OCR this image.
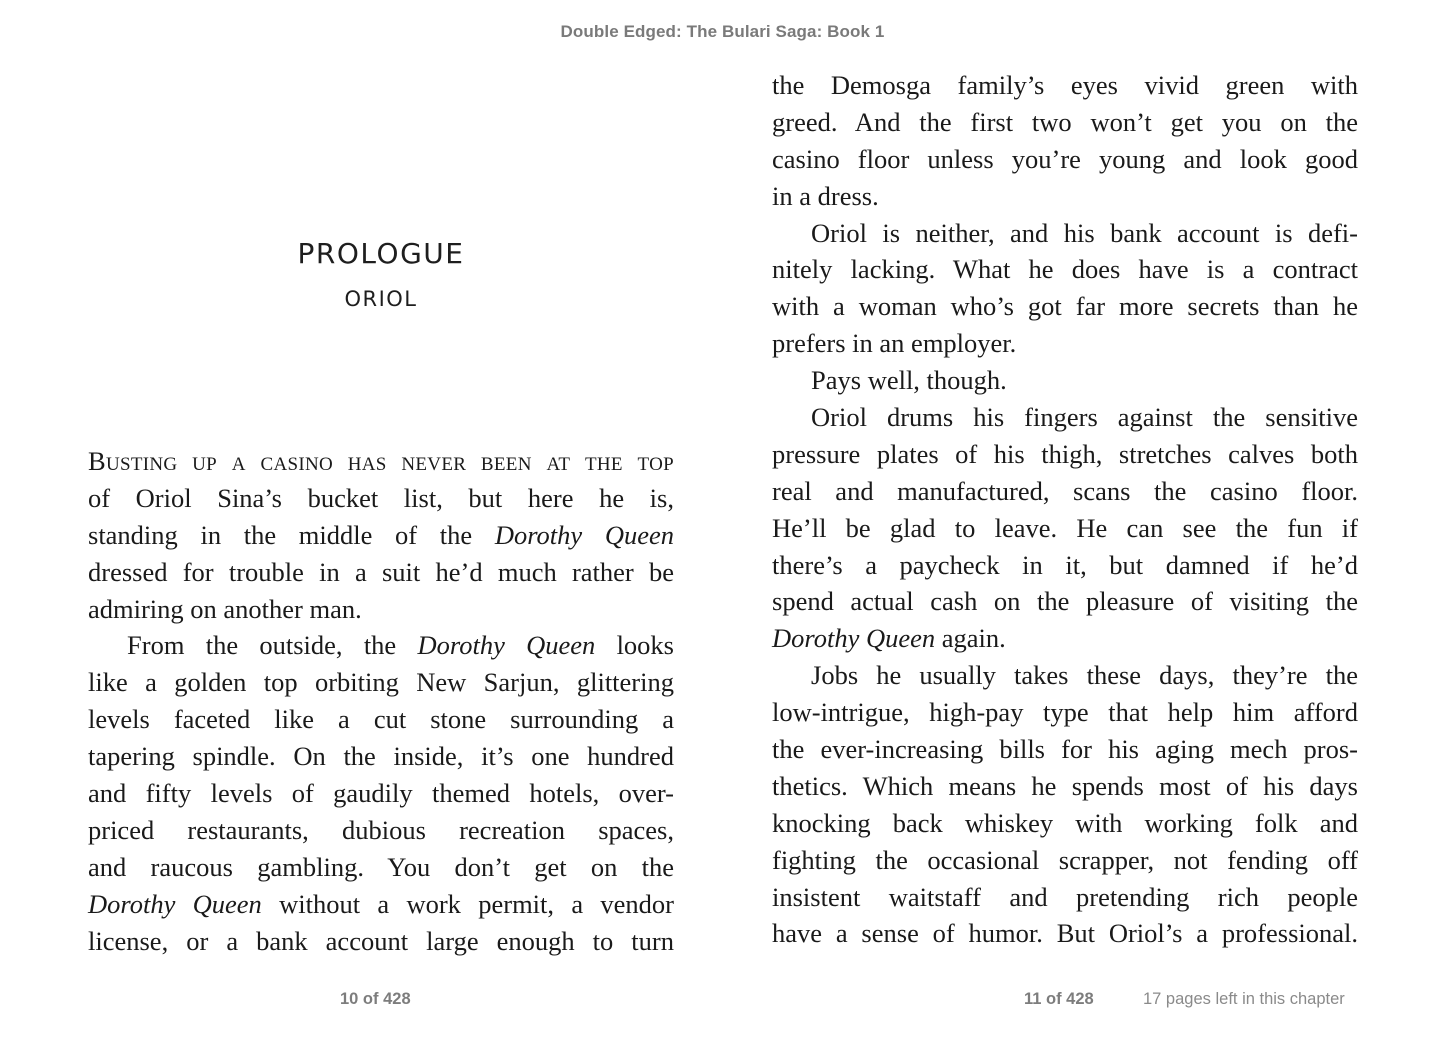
Double Edged: The Bulari Saga: Book 1
PROLOGUE
ORIOL
Busting up a casino has never been at the top
of Oriol Sina’s bucket list, but here he is,
standing in the middle of the Dorothy Queen
dressed for trouble in a suit he’d much rather be
admiring on another man.
From the outside, the Dorothy Queen looks
like a golden top orbiting New Sarjun, glittering
levels faceted like a cut stone surrounding a
tapering spindle. On the inside, it’s one hundred
and fifty levels of gaudily themed hotels, over-
priced restaurants, dubious recreation spaces,
and raucous gambling. You don’t get on the
Dorothy Queen without a work permit, a vendor
license, or a bank account large enough to turn
the Demosga family’s eyes vivid green with
greed. And the first two won’t get you on the
casino floor unless you’re young and look good
in a dress.
Oriol is neither, and his bank account is defi-
nitely lacking. What he does have is a contract
with a woman who’s got far more secrets than he
prefers in an employer.
Pays well, though.
Oriol drums his fingers against the sensitive
pressure plates of his thigh, stretches calves both
real and manufactured, scans the casino floor.
He’ll be glad to leave. He can see the fun if
there’s a paycheck in it, but damned if he’d
spend actual cash on the pleasure of visiting the
Dorothy Queen again.
Jobs he usually takes these days, they’re the
low-intrigue, high-pay type that help him afford
the ever-increasing bills for his aging mech pros-
thetics. Which means he spends most of his days
knocking back whiskey with working folk and
fighting the occasional scrapper, not fending off
insistent waitstaff and pretending rich people
have a sense of humor. But Oriol’s a professional.
10 of 428	11 of 428	17 pages left in this chapter
